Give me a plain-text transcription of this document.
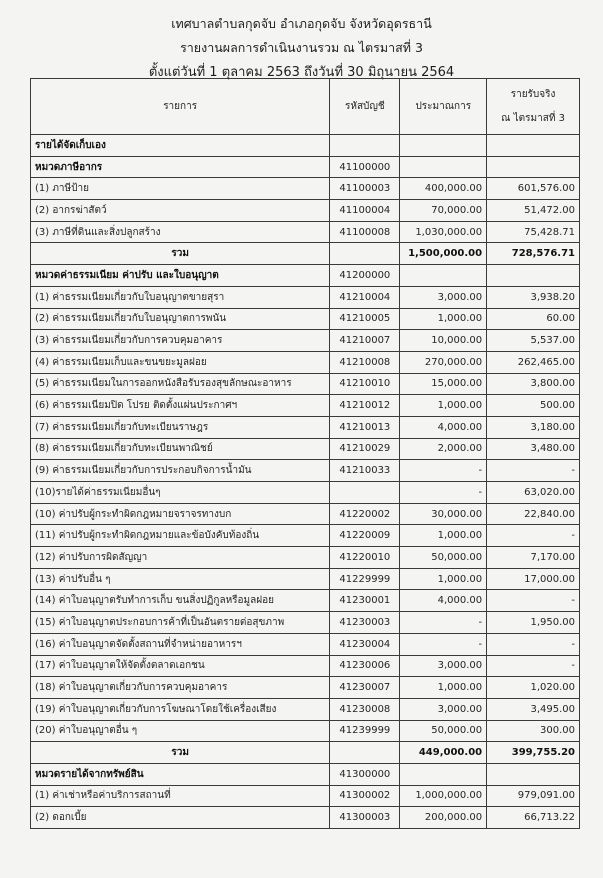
เทศบาลตำบลกุดจับ อำเภอกุดจับ จังหวัดอุดรธานี
รายงานผลการดำเนินงานรวม ณ ไตรมาสที่ 3
ตั้งแต่วันที่ 1 ตุลาคม 2563 ถึงวันที่ 30 มิถุนายน 2564
รายการ	รหัสบัญชี	ประมาณการ	รายรับจริง
ณ ไตรมาสที่ 3

รายได้จัดเก็บเอง			
หมวดภาษีอากร	41100000		
(1) ภาษีป้าย	41100003	400,000.00	601,576.00
(2) อากรฆ่าสัตว์	41100004	70,000.00	51,472.00
(3) ภาษีที่ดินและสิ่งปลูกสร้าง	41100008	1,030,000.00	75,428.71
รวม		1,500,000.00	728,576.71
หมวดค่าธรรมเนียม ค่าปรับ และใบอนุญาต	41200000		
(1) ค่าธรรมเนียมเกี่ยวกับใบอนุญาตขายสุรา	41210004	3,000.00	3,938.20
(2) ค่าธรรมเนียมเกี่ยวกับใบอนุญาตการพนัน	41210005	1,000.00	60.00
(3) ค่าธรรมเนียมเกี่ยวกับการควบคุมอาคาร	41210007	10,000.00	5,537.00
(4) ค่าธรรมเนียมเก็บและขนขยะมูลฝอย	41210008	270,000.00	262,465.00
(5) ค่าธรรมเนียมในการออกหนังสือรับรองสุขลักษณะอาหาร	41210010	15,000.00	3,800.00
(6) ค่าธรรมเนียมปิด โปรย ติดตั้งแผ่นประกาศฯ	41210012	1,000.00	500.00
(7) ค่าธรรมเนียมเกี่ยวกับทะเบียนราษฎร	41210013	4,000.00	3,180.00
(8) ค่าธรรมเนียมเกี่ยวกับทะเบียนพาณิชย์	41210029	2,000.00	3,480.00
(9) ค่าธรรมเนียมเกี่ยวกับการประกอบกิจการน้ำมัน	41210033	-	-
(10)รายได้ค่าธรรมเนียมอื่นๆ		-	63,020.00
(10) ค่าปรับผู้กระทำผิดกฎหมายจราจรทางบก	41220002	30,000.00	22,840.00
(11) ค่าปรับผู้กระทำผิดกฎหมายและข้อบังคับท้องถิ่น	41220009	1,000.00	-
(12) ค่าปรับการผิดสัญญา	41220010	50,000.00	7,170.00
(13) ค่าปรับอื่น ๆ	41229999	1,000.00	17,000.00
(14) ค่าใบอนุญาตรับทำการเก็บ ขนสิ่งปฏิกูลหรือมูลฝอย	41230001	4,000.00	-
(15) ค่าใบอนุญาตประกอบการค้าที่เป็นอันตรายต่อสุขภาพ	41230003	-	1,950.00
(16) ค่าใบอนุญาตจัดตั้งสถานที่จำหน่ายอาหารฯ	41230004	-	-
(17) ค่าใบอนุญาตให้จัดตั้งตลาดเอกชน	41230006	3,000.00	-
(18) ค่าใบอนุญาตเกี่ยวกับการควบคุมอาคาร	41230007	1,000.00	1,020.00
(19) ค่าใบอนุญาตเกี่ยวกับการโฆษณาโดยใช้เครื่องเสียง	41230008	3,000.00	3,495.00
(20) ค่าใบอนุญาตอื่น ๆ	41239999	50,000.00	300.00
รวม		449,000.00	399,755.20
หมวดรายได้จากทรัพย์สิน	41300000		
(1) ค่าเช่าหรือค่าบริการสถานที่	41300002	1,000,000.00	979,091.00
(2) ดอกเบี้ย	41300003	200,000.00	66,713.22
